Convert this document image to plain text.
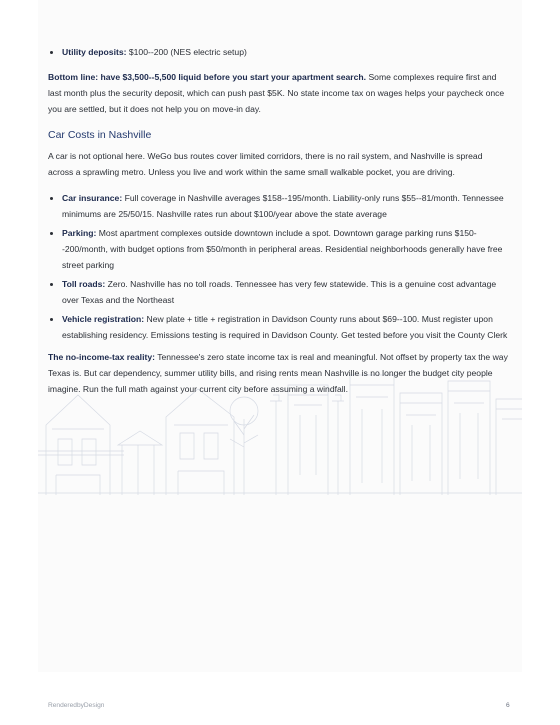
• Utility deposits: $100--200 (NES electric setup)

Bottom line: have $3,500--5,500 liquid before you start your apartment search. Some complexes require first and last month plus the security deposit, which can push past $5K. No state income tax on wages helps your paycheck once you are settled, but it does not help you on move-in day.

Car Costs in Nashville

A car is not optional here. WeGo bus routes cover limited corridors, there is no rail system, and Nashville is spread across a sprawling metro. Unless you live and work within the same small walkable pocket, you are driving.

• Car insurance: Full coverage in Nashville averages $158--195/month. Liability-only runs $55--81/month. Tennessee minimums are 25/50/15. Nashville rates run about $100/year above the state average
• Parking: Most apartment complexes outside downtown include a spot. Downtown garage parking runs $150--200/month, with budget options from $50/month in peripheral areas. Residential neighborhoods generally have free street parking
• Toll roads: Zero. Nashville has no toll roads. Tennessee has very few statewide. This is a genuine cost advantage over Texas and the Northeast
• Vehicle registration: New plate + title + registration in Davidson County runs about $69--100. Must register upon establishing residency. Emissions testing is required in Davidson County. Get tested before you visit the County Clerk

The no-income-tax reality: Tennessee's zero state income tax is real and meaningful. Not offset by property tax the way Texas is. But car dependency, summer utility bills, and rising rents mean Nashville is no longer the budget city people imagine. Run the full math against your current city before assuming a windfall.

RenderedbyDesign	6
